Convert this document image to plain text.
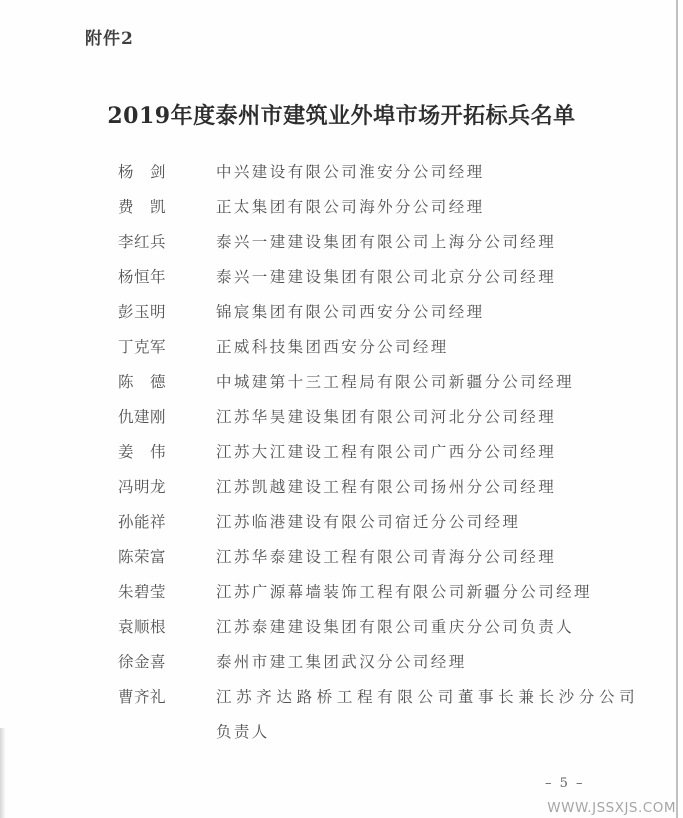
附件2
2019年度泰州市建筑业外埠市场开拓标兵名单
杨　剑	中兴建设有限公司淮安分公司经理
费　凯	正太集团有限公司海外分公司经理
李红兵	泰兴一建建设集团有限公司上海分公司经理
杨恒年	泰兴一建建设集团有限公司北京分公司经理
彭玉明	锦宸集团有限公司西安分公司经理
丁克军	正威科技集团西安分公司经理
陈　德	中城建第十三工程局有限公司新疆分公司经理
仇建刚	江苏华昊建设集团有限公司河北分公司经理
姜　伟	江苏大江建设工程有限公司广西分公司经理
冯明龙	江苏凯越建设工程有限公司扬州分公司经理
孙能祥	江苏临港建设有限公司宿迁分公司经理
陈荣富	江苏华泰建设工程有限公司青海分公司经理
朱碧莹	江苏广源幕墙装饰工程有限公司新疆分公司经理
袁顺根	江苏泰建建设集团有限公司重庆分公司负责人
徐金喜	泰州市建工集团武汉分公司经理
曹齐礼	江苏齐达路桥工程有限公司董事长兼长沙分公司
负责人
– 5 –
WWW.JSSXJS.COM
